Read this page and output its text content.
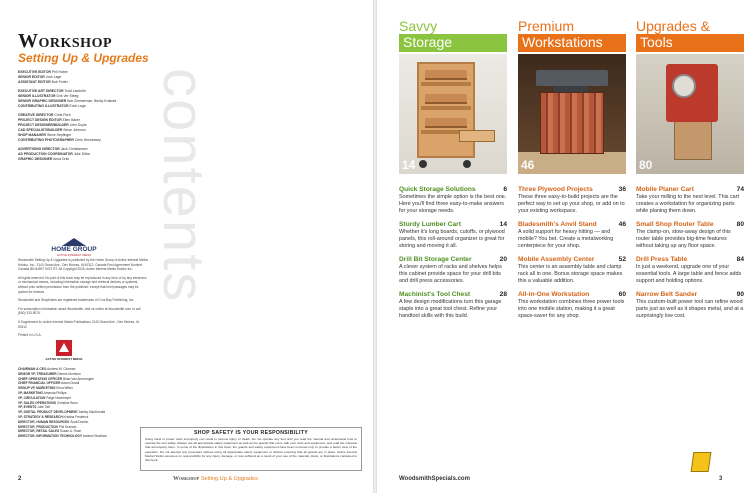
Workshop
Setting Up & Upgrades
EXECUTIVE EDITOR Phil Huber
SENIOR EDITOR Josh Lage
ASSISTANT EDITOR Bob Porter
EXECUTIVE ART DIRECTOR Todd Lambirth
SENIOR ILLUSTRATOR Dirk Ver Steeg
SENIOR GRAPHIC DESIGNER Bob Zimmerman, Becky Kralicek
CONTRIBUTING ILLUSTRATOR Erich Lage
CREATIVE DIRECTOR Chris Fitch
PROJECT DESIGN EDITOR Ellen Baker
PROJECT DESIGNER/BUILDER John Doyle
CAD SPECIALIST/BUILDER Steve Johnson
SHOP MANAGER Steve Hepfinger
CONTRIBUTING PHOTOGRAPHER Chris Hennessey
ADVERTISING DIRECTOR Jack Christiansen
AD PRODUCTION COORDINATOR Julie Dillon
GRAPHIC DESIGNER Anna Ortiz
HOME GROUP
ACTIVE INTEREST MEDIA

Woodsmith Setting Up & Upgrades is published by the Home Group of Active Interest Media Holdco, Inc., 2143 Grand Ave., Des Moines, IA 50312. Canada Post Agreement Number. Canada BN 84597 5473 RT. All Copyright 2025, Active Interest Media Holdco Inc.

All rights reserved. No part of this book may be reproduced in any form or by any electronic or mechanical means, including information storage and retrieval devices or systems, without prior written permission from the publisher, except that brief passages may be quoted for reviews.

Woodsmith and ShopNotes are registered trademarks of Cruz Bay Publishing, Inc.

For subscription information about Woodsmith, visit us online at Woodsmith.com or call (800) 333-5075.

A Supplement to: Active Interest Media Publications 2143 Grand Ave., Des Moines, IA 50312

Printed in U.S.A.

ACTIVE INTEREST MEDIA
CHAIRMAN & CEO Andrew W. Clurman
SENIOR VP, TREASURER Dennis Morrison
CHIEF OPERATING OFFICER Brian Van Amerongen
CHIEF FINANCIAL OFFICER Adam Duvall
GROUP VP, MARKETING Erica Witter
VP, MARKETING Amanda Phillips
VP, CIRCULATION Paige Nordmeyer
VP, SALES OPERATIONS Christine Bonn
VP, EVENTS Julie Tatt
VP, DIGITAL PRODUCT DEVELOPMENT Ashley MacDonald
VP, STRATEGY & RESEARCH Kristina Frederick
DIRECTOR, HUMAN RESOURCES Scott Dunkin
DIRECTOR, PRODUCTION Phil Graham
DIRECTOR, RETAIL SALES Susan A. Rose
DIRECTOR, INFORMATION TECHNOLOGY Andrew Shattuck
contents
SHOP SAFETY IS YOUR RESPONSIBILITY
Using hand or power tools improperly can result in serious injury or death. Do not operate any tool until you read the manual and understand how to operate the tool safely. Always use all appropriate safety equipment as well as the guards that come with your tools and equipment, and read the manuals that accompany them. In some of the illustrations in this book, the guards and safety equipment have been removed only to provide a better view of the operation. Do not attempt any procedure without using all appropriate safety equipment or without ensuring that all guards are in place. Active Interest Media Holdco assumes no responsibility for any injury, damage, or loss suffered as a result of your use of the material, plans, or illustrations contained in this book.
2	Workshop Setting Up & Upgrades
Savvy
Storage
14
Quick Storage Solutions	6
Sometimes the simple option is the best one. Here you'll find three easy-to-make answers for your storage needs.
Sturdy Lumber Cart	14
Whether it's long boards, cutoffs, or plywood panels, this roll-around organizer is great for storing and moving it all.
Drill Bit Storage Center	20
A clever system of racks and shelves helps this cabinet provide space for your drill bits and drill press accessories.
Machinist's Tool Chest	28
A few design modifications turn this garage staple into a great tool chest. Refine your handtool skills with this build.
Premium
Workstations
46
Three Plywood Projects	36
These three easy-to-build projects are the perfect way to set up your shop, or add on to your existing workspace.
Bladesmith's Anvil Stand	46
A solid support for heavy hitting — and mobile? You bet. Create a metalworking centerpiece for your shop.
Mobile Assembly Center	52
This center is an assembly table and clamp rack all in one. Bonus storage space makes this a valuable addition.
All-in-One Workstation	60
This workstation combines three power tools into one mobile station, making it a great space-saver for any shop.
Upgrades &
Tools
80
Mobile Planer Cart	74
Take your milling to the next level. This cart creates a workstation for organizing parts while planing them down.
Small Shop Router Table	80
The clamp-on, stow-away design of this router table provides big-time features without taking up any floor space.
Drill Press Table	84
In just a weekend, upgrade one of your essential tools. A large table and fence adds support and holding options.
Narrow Belt Sander	90
This custom-built power tool can refine wood parts just as well as it shapes metal, and at a surprisingly low cost.
WoodsmithSpecials.com	3
